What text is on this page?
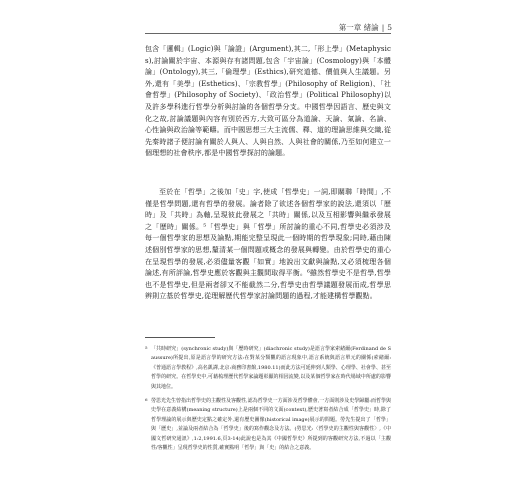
第一章 緒論 | 5

包含「邏輯」(Logic)與「論證」(Argument),其二,「形上學」(Metaphysics),討論關於宇宙、本源與存有諸問題,包含「宇宙論」(Cosmology)與「本體論」(Ontology),其三,「倫理學」(Esthics),研究道德、價值與人生議題。另外,還有「美學」(Esthetics)、「宗教哲學」(Philosophy of Religion)、「社會哲學」(Philosophy of Society)、「政治哲學」(Political Philosophy)以及許多學科進行哲學分析與討論的各個哲學分支。中國哲學因語言、歷史與文化之故,討論議題與內容有別於西方,大致可區分為道論、天論、氣論、名論、心性論與政治論等範疇。而中國思想三大主流儒、釋、道的理論思維與交織,從先秦時諸子便討論有關於人與人、人與自然、人與社會的關係,乃至如何建立一個理想的社會秩序,都是中國哲學探討的論題。

至於在「哲學」之後加「史」字,使成「哲學史」一詞,即關聯「時間」,不僅是哲學問題,還有哲學的發展。論者除了欲述各個哲學家的說法,還須以「歷時」及「共時」為軸,呈現彼此發展之「共時」關係,以及互相影響與繼承發展之「歷時」關係。⁵「哲學史」與「哲學」所討論的重心不同,哲學史必須涉及每一個哲學家的思想及論點,期能完整呈現此一個時期的哲學現象;同時,藉由陳述個別哲學家的思想,釐清某一個問題或概念的發展與轉變。由於哲學史的重心在呈現哲學的發展,必須儘量客觀「如實」地說出文獻與論點,又必須梳理各個論述,有所評論,哲學史應於客觀與主觀間取得平衡。⁶雖然哲學史不是哲學,哲學也不是哲學史,但是兩者卻又不能截然二分,哲學史由哲學議題發展而成,哲學思辨則立基於哲學史,從理解歷代哲學家討論問題的過程,才能建構哲學觀點。

5 「共時研究」(synchronic study)與「歷時研究」(diachronic study)是語言學家索緒爾(Ferdinand de Saussure)所提出,原是語言學的研究方法:在對某分類觀的語言現象中,語言系統與語言單元的關係(索緒爾:《普通語言學教程》,高名凱譯,北京:商務印書館,1980.11)而此方法可延伸到人類學、心理學、社會學、甚至哲學的研究。在哲學史中,可藉梳理歷代哲學家論題彰顯的相因流變,以及某個哲學家在時代場域中所處的影響與其地位。

6 勞思光先生曾指出哲學史的主觀性及客觀性,認為哲學史一方面涉及哲學體會,一方面則涉及史學歸屬:而哲學與史學在意義結構(meaning structure)上是兩個不同的文面(context),歷史著寫者結合成「哲學史」時,除了哲學理論的展示與歷史定點之確定外,還有歷史圖像(historical image)展示的問題。勞先生提出了「哲學」與「歷史」,並論及兩者結合為「哲學史」後的寫作觀念及方法。(勞思光:〈哲學史的主觀性與客觀性〉,《中國文哲研究通訊》,1:2,1991.6,頁3-14)此說也是為其《中國哲學史》所提到的客觀研究方法,不過以「主觀性/客觀性」呈現哲學史的性質,確實點明「哲學」與「史」的結合之意義。
